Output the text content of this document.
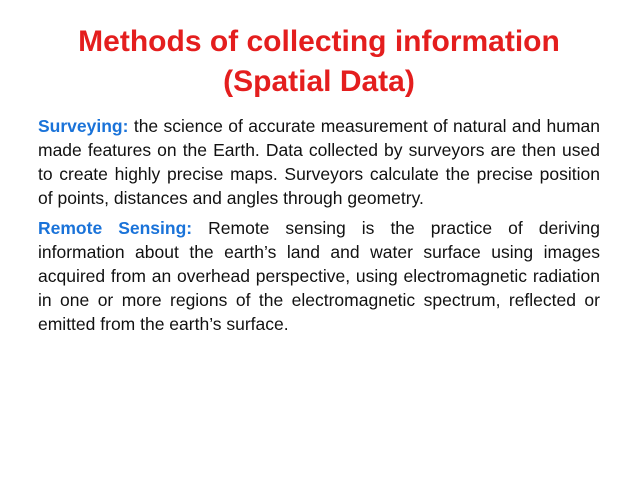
Methods of collecting information
(Spatial Data)

Surveying: the science of accurate measurement of natural and human made features on the Earth. Data collected by surveyors are then used to create highly precise maps. Surveyors calculate the precise position of points, distances and angles through geometry.

Remote Sensing: Remote sensing is the practice of deriving information about the earth’s land and water surface using images acquired from an overhead perspective, using electromagnetic radiation in one or more regions of the electromagnetic spectrum, reflected or emitted from the earth’s surface.
